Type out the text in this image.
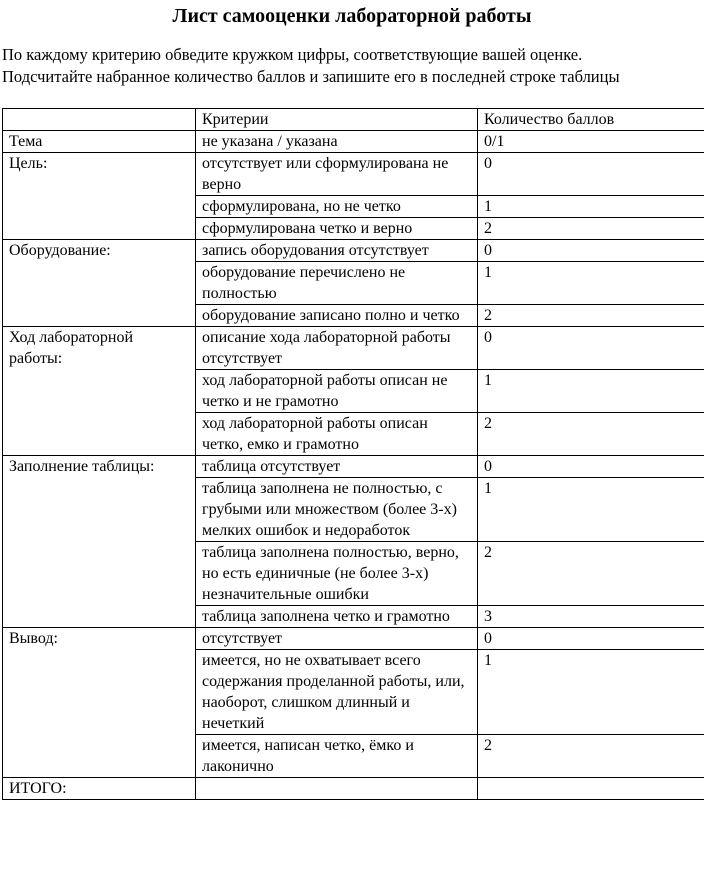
Лист самооценки лабораторной работы

По каждому критерию обведите кружком цифры, соответствующие вашей оценке.

Подсчитайте набранное количество баллов и запишите его в последней строке таблицы

	Критерии	Количество баллов
Тема	не указана / указана	0/1
Цель:	отсутствует или сформулирована не верно	0
	сформулирована, но не четко	1
	сформулирована четко и верно	2
Оборудование:	запись оборудования отсутствует	0
	оборудование перечислено не полностью	1
	оборудование записано полно и четко	2
Ход лабораторной работы:	описание хода лабораторной работы отсутствует	0
	ход лабораторной работы описан не четко и не грамотно	1
	ход лабораторной работы описан четко, емко и грамотно	2
Заполнение таблицы:	таблица отсутствует	0
	таблица заполнена не полностью, с грубыми или множеством (более 3-х) мелких ошибок и недоработок	1
	таблица заполнена полностью, верно, но есть единичные (не более 3-х) незначительные ошибки	2
	таблица заполнена четко и грамотно	3
Вывод:	отсутствует	0
	имеется, но не охватывает всего содержания проделанной работы, или, наоборот, слишком длинный и нечеткий	1
	имеется, написан четко, ёмко и лаконично	2
ИТОГО:		
